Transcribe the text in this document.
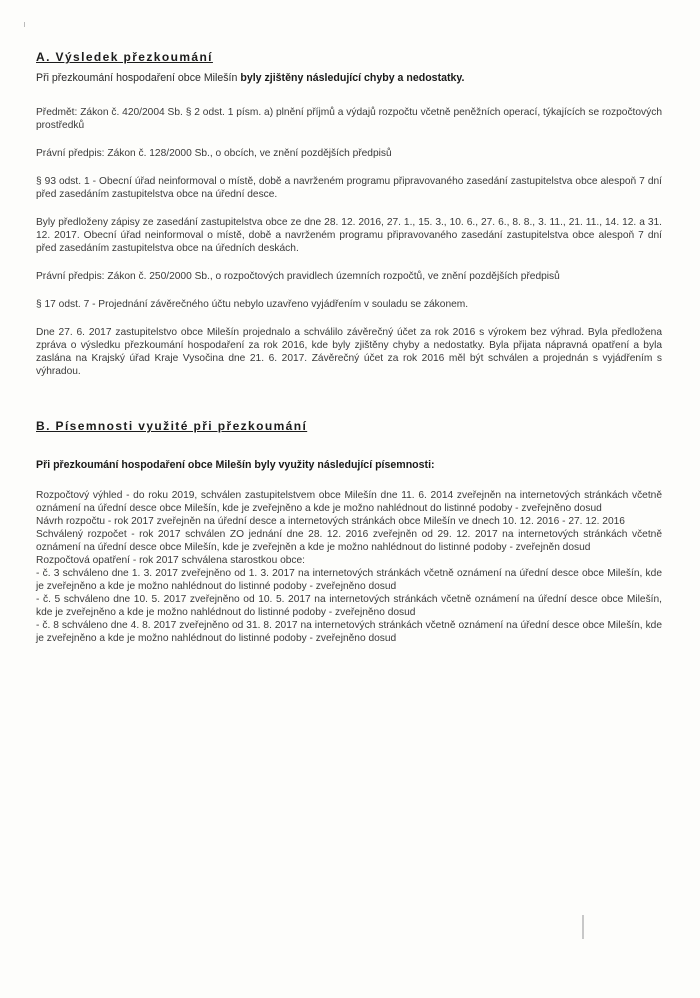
A. Výsledek přezkoumání

Při přezkoumání hospodaření obce Milešín byly zjištěny následující chyby a nedostatky.

Předmět: Zákon č. 420/2004 Sb. § 2 odst. 1 písm. a) plnění příjmů a výdajů rozpočtu včetně peněžních operací, týkajících se rozpočtových prostředků

Právní předpis: Zákon č. 128/2000 Sb., o obcích, ve znění pozdějších předpisů

§ 93 odst. 1 - Obecní úřad neinformoval o místě, době a navrženém programu připravovaného zasedání zastupitelstva obce alespoň 7 dní před zasedáním zastupitelstva obce na úřední desce.

Byly předloženy zápisy ze zasedání zastupitelstva obce ze dne 28. 12. 2016, 27. 1., 15. 3., 10. 6., 27. 6., 8. 8., 3. 11., 21. 11., 14. 12. a 31. 12. 2017. Obecní úřad neinformoval o místě, době a navrženém programu připravovaného zasedání zastupitelstva obce alespoň 7 dní před zasedáním zastupitelstva obce na úředních deskách.

Právní předpis: Zákon č. 250/2000 Sb., o rozpočtových pravidlech územních rozpočtů, ve znění pozdějších předpisů

§ 17 odst. 7 - Projednání závěrečného účtu nebylo uzavřeno vyjádřením v souladu se zákonem.

Dne 27. 6. 2017 zastupitelstvo obce Milešín projednalo a schválilo závěrečný účet za rok 2016 s výrokem bez výhrad. Byla předložena zpráva o výsledku přezkoumání hospodaření za rok 2016, kde byly zjištěny chyby a nedostatky. Byla přijata nápravná opatření a byla zaslána na Krajský úřad Kraje Vysočina dne 21. 6. 2017. Závěrečný účet za rok 2016 měl být schválen a projednán s vyjádřením s výhradou.

B. Písemnosti využité při přezkoumání

Při přezkoumání hospodaření obce Milešín byly využity následující písemnosti:

Rozpočtový výhled - do roku 2019, schválen zastupitelstvem obce Milešín dne 11. 6. 2014 zveřejněn na internetových stránkách včetně oznámení na úřední desce obce Milešín, kde je zveřejněno a kde je možno nahlédnout do listinné podoby - zveřejněno dosud

Návrh rozpočtu - rok 2017 zveřejněn na úřední desce a internetových stránkách obce Milešín ve dnech 10. 12. 2016 - 27. 12. 2016

Schválený rozpočet - rok 2017 schválen ZO jednání dne 28. 12. 2016 zveřejněn od 29. 12. 2017 na internetových stránkách včetně oznámení na úřední desce obce Milešín, kde je zveřejněn a kde je možno nahlédnout do listinné podoby - zveřejněn dosud

Rozpočtová opatření - rok 2017 schválena starostkou obce:

- č. 3 schváleno dne 1. 3. 2017 zveřejněno od 1. 3. 2017 na internetových stránkách včetně oznámení na úřední desce obce Milešín, kde je zveřejněno a kde je možno nahlédnout do listinné podoby - zveřejněno dosud

- č. 5 schváleno dne 10. 5. 2017 zveřejněno od 10. 5. 2017 na internetových stránkách včetně oznámení na úřední desce obce Milešín, kde je zveřejněno a kde je možno nahlédnout do listinné podoby - zveřejněno dosud

- č. 8 schváleno dne 4. 8. 2017 zveřejněno od 31. 8. 2017 na internetových stránkách včetně oznámení na úřední desce obce Milešín, kde je zveřejněno a kde je možno nahlédnout do listinné podoby - zveřejněno dosud
